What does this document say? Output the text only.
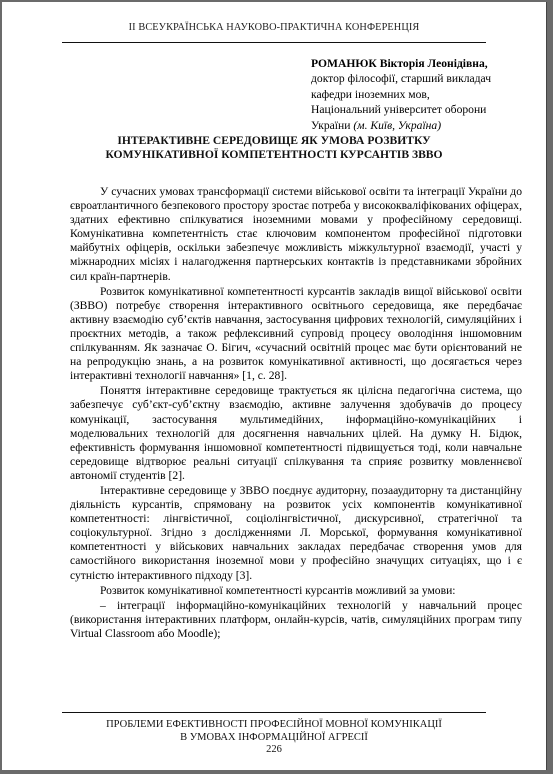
ІІ ВСЕУКРАЇНСЬКА НАУКОВО-ПРАКТИЧНА КОНФЕРЕНЦІЯ
РОМАНЮК Вікторія Леонідівна,
доктор філософії, старший викладач
кафедри іноземних мов,
Національний університет оборони
України (м. Київ, Україна)
ІНТЕРАКТИВНЕ СЕРЕДОВИЩЕ ЯК УМОВА РОЗВИТКУ
КОМУНІКАТИВНОЇ КОМПЕТЕНТНОСТІ КУРСАНТІВ ЗВВО

У сучасних умовах трансформації системи військової освіти та інтеграції України до євроатлантичного безпекового простору зростає потреба у висококваліфікованих офіцерах, здатних ефективно спілкуватися іноземними мовами у професійному середовищі. Комунікативна компетентність стає ключовим компонентом професійної підготовки майбутніх офіцерів, оскільки забезпечує можливість міжкультурної взаємодії, участі у міжнародних місіях і налагодження партнерських контактів із представниками збройних сил країн-партнерів.

Розвиток комунікативної компетентності курсантів закладів вищої військової освіти (ЗВВО) потребує створення інтерактивного освітнього середовища, яке передбачає активну взаємодію суб’єктів навчання, застосування цифрових технологій, симуляційних і проєктних методів, а також рефлексивний супровід процесу оволодіння іншомовним спілкуванням. Як зазначає О. Бігич, «сучасний освітній процес має бути орієнтований не на репродукцію знань, а на розвиток комунікативної активності, що досягається через інтерактивні технології навчання» [1, с. 28].

Поняття інтерактивне середовище трактується як цілісна педагогічна система, що забезпечує суб’єкт-суб’єктну взаємодію, активне залучення здобувачів до процесу комунікації, застосування мультимедійних, інформаційно-комунікаційних і моделювальних технологій для досягнення навчальних цілей. На думку Н. Бідюк, ефективність формування іншомовної компетентності підвищується тоді, коли навчальне середовище відтворює реальні ситуації спілкування та сприяє розвитку мовленнєвої автономії студентів [2].

Інтерактивне середовище у ЗВВО поєднує аудиторну, позааудиторну та дистанційну діяльність курсантів, спрямовану на розвиток усіх компонентів комунікативної компетентності: лінгвістичної, соціолінгвістичної, дискурсивної, стратегічної та соціокультурної. Згідно з дослідженнями Л. Морської, формування комунікативної компетентності у військових навчальних закладах передбачає створення умов для самостійного використання іноземної мови у професійно значущих ситуаціях, що і є сутністю інтерактивного підходу [3].

Розвиток комунікативної компетентності курсантів можливий за умови:

– інтеграції інформаційно-комунікаційних технологій у навчальний процес (використання інтерактивних платформ, онлайн-курсів, чатів, симуляційних програм типу Virtual Classroom або Moodle);

ПРОБЛЕМИ ЕФЕКТИВНОСТІ ПРОФЕСІЙНОЇ МОВНОЇ КОМУНІКАЦІЇ
В УМОВАХ ІНФОРМАЦІЙНОЇ АГРЕСІЇ
226
